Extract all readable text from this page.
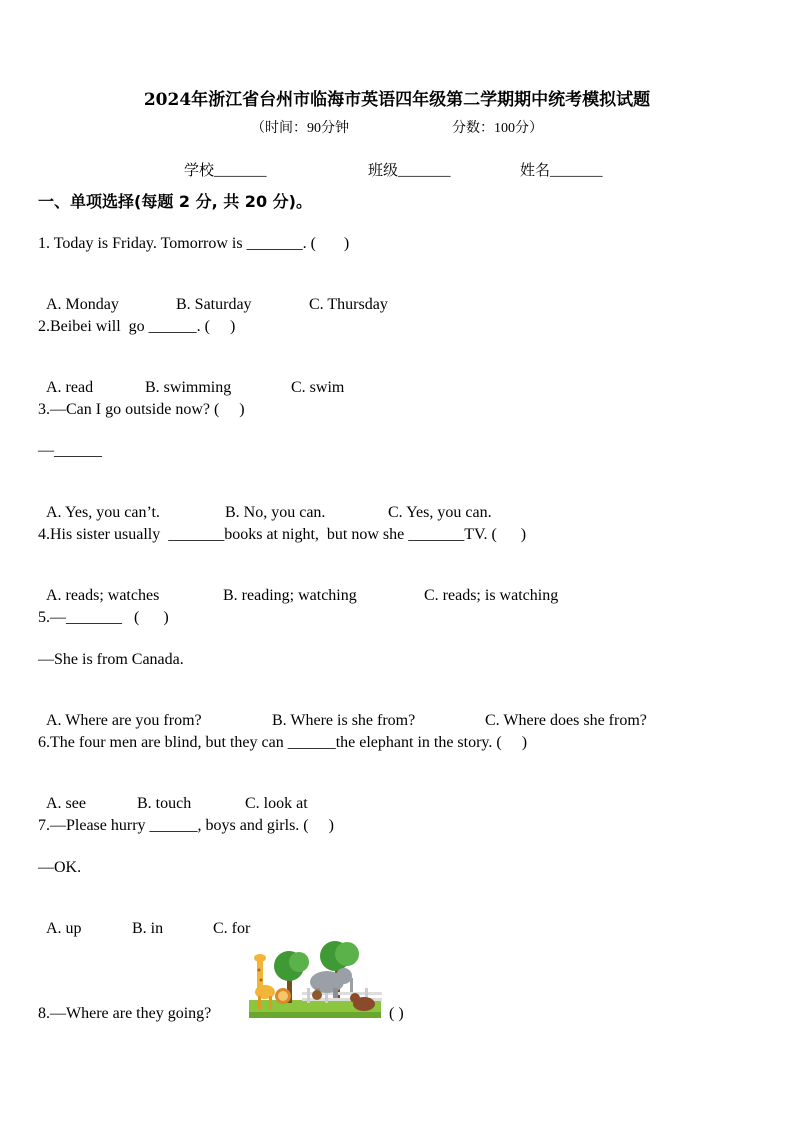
2024年浙江省台州市临海市英语四年级第二学期期中统考模拟试题
（时间：90分钟	分数：100分）
学校_______	班级_______	姓名_______
一、单项选择(每题 2 分, 共 20 分)。
1. Today is Friday. Tomorrow is _______. (       )

A. Monday	B. Saturday	C. Thursday

2.Beibei will  go ______. (     )

A. read	B. swimming	C. swim

3.—Can I go outside now? (     )
—______

A. Yes, you can’t.	B. No, you can.	C. Yes, you can.

4.His sister usually  _______books at night,  but now she _______TV. (      )

A. reads; watches	B. reading; watching	C. reads; is watching

5.—_______   (      )
—She is from Canada.

A. Where are you from?	B. Where is she from?	C. Where does she from?

6.The four men are blind, but they can ______the elephant in the story. (     )

A. see	B. touch	C. look at

7.—Please hurry ______, boys and girls. (     )
—OK.

A. up	B. in	C. for

8.—Where are they going?	( )
